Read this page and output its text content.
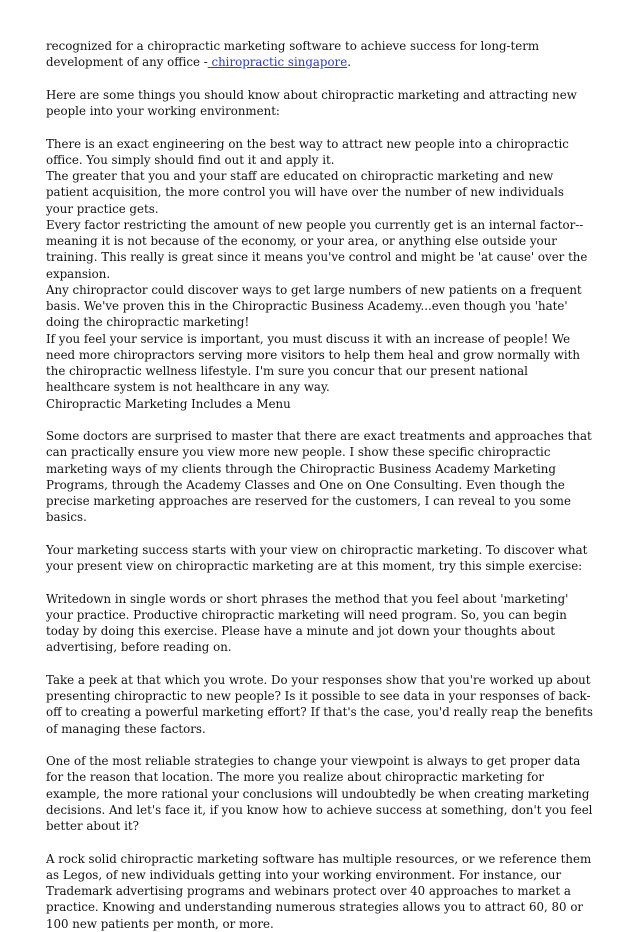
recognized for a chiropractic marketing software to achieve success for long-term development of any office - chiropractic singapore.

Here are some things you should know about chiropractic marketing and attracting new people into your working environment:

There is an exact engineering on the best way to attract new people into a chiropractic office. You simply should find out it and apply it.

The greater that you and your staff are educated on chiropractic marketing and new patient acquisition, the more control you will have over the number of new individuals your practice gets.

Every factor restricting the amount of new people you currently get is an internal factor--meaning it is not because of the economy, or your area, or anything else outside your training. This really is great since it means you've control and might be 'at cause' over the expansion.

Any chiropractor could discover ways to get large numbers of new patients on a frequent basis. We've proven this in the Chiropractic Business Academy...even though you 'hate' doing the chiropractic marketing!

If you feel your service is important, you must discuss it with an increase of people! We need more chiropractors serving more visitors to help them heal and grow normally with the chiropractic wellness lifestyle. I'm sure you concur that our present national healthcare system is not healthcare in any way.

Chiropractic Marketing Includes a Menu

Some doctors are surprised to master that there are exact treatments and approaches that can practically ensure you view more new people. I show these specific chiropractic marketing ways of my clients through the Chiropractic Business Academy Marketing Programs, through the Academy Classes and One on One Consulting. Even though the precise marketing approaches are reserved for the customers, I can reveal to you some basics.

Your marketing success starts with your view on chiropractic marketing. To discover what your present view on chiropractic marketing are at this moment, try this simple exercise:

Writedown in single words or short phrases the method that you feel about 'marketing' your practice. Productive chiropractic marketing will need program. So, you can begin today by doing this exercise. Please have a minute and jot down your thoughts about advertising, before reading on.

Take a peek at that which you wrote. Do your responses show that you're worked up about presenting chiropractic to new people? Is it possible to see data in your responses of back-off to creating a powerful marketing effort? If that's the case, you'd really reap the benefits of managing these factors.

One of the most reliable strategies to change your viewpoint is always to get proper data for the reason that location. The more you realize about chiropractic marketing for example, the more rational your conclusions will undoubtedly be when creating marketing decisions. And let's face it, if you know how to achieve success at something, don't you feel better about it?

A rock solid chiropractic marketing software has multiple resources, or we reference them as Legos, of new individuals getting into your working environment. For instance, our Trademark advertising programs and webinars protect over 40 approaches to market a practice. Knowing and understanding numerous strategies allows you to attract 60, 80 or 100 new patients per month, or more.
